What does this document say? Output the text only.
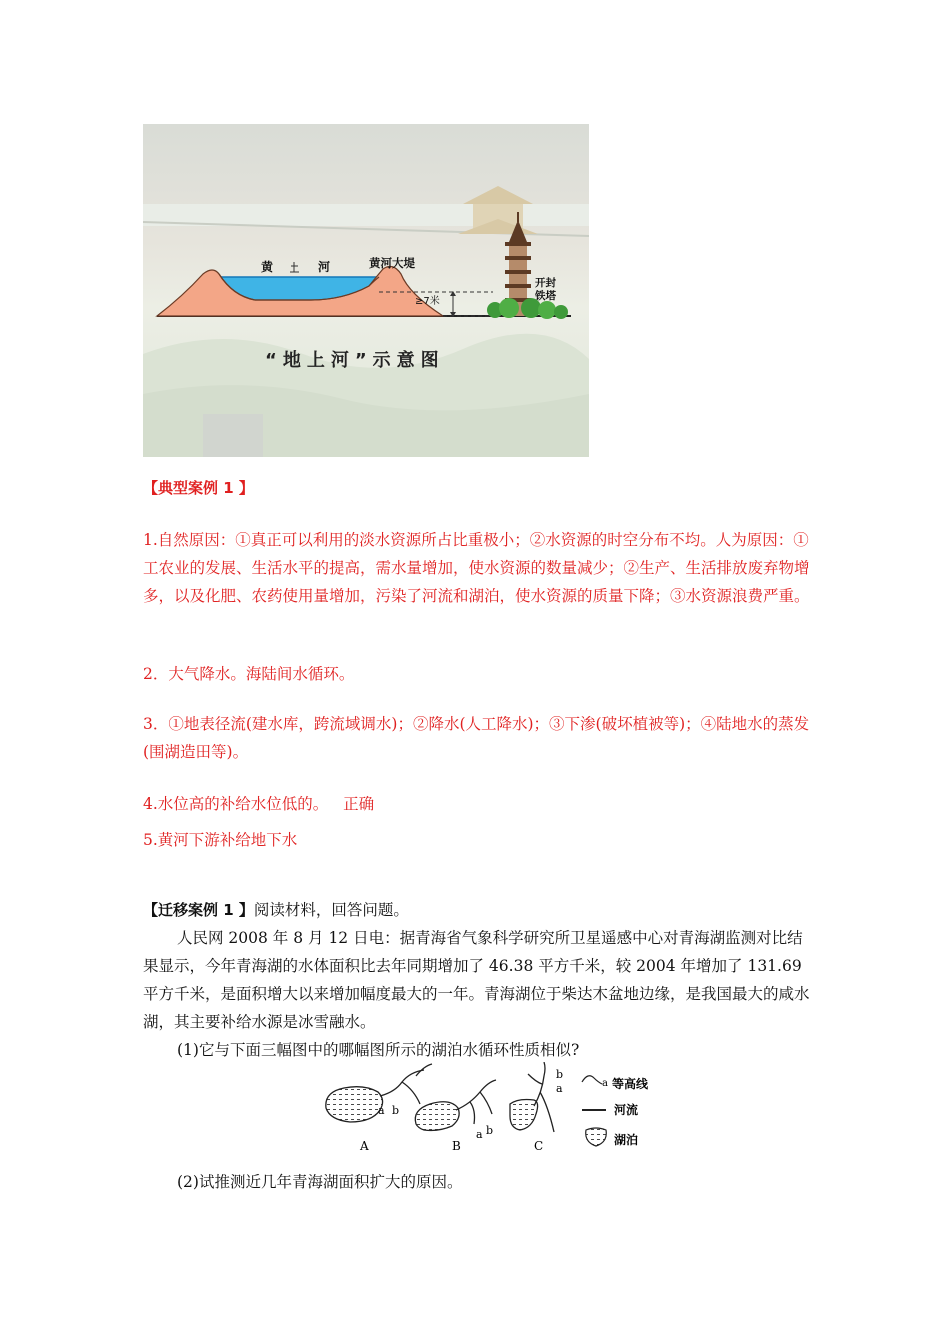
黄	河	黄河大堤
开封
铁塔
≥7米
“地上河”示意图
【典型案例 1 】
1.自然原因：①真正可以利用的淡水资源所占比重极小；②水资源的时空分布不均。人为原因：①工农业的发展、生活水平的提高，需水量增加，使水资源的数量减少；②生产、生活排放废弃物增多，以及化肥、农药使用量增加，污染了河流和湖泊，使水资源的质量下降；③水资源浪费严重。
2．大气降水。海陆间水循环。
3．①地表径流(建水库，跨流域调水)；②降水(人工降水)；③下渗(破坏植被等)；④陆地水的蒸发(围湖造田等)。
4.水位高的补给水位低的。   正确
5.黄河下游补给地下水
【迁移案例 1 】阅读材料，回答问题。
人民网 2008 年 8 月 12 日电：据青海省气象科学研究所卫星遥感中心对青海湖监测对比结果显示，今年青海湖的水体面积比去年同期增加了 46.38 平方千米，较 2004 年增加了 131.69 平方千米，是面积增大以来增加幅度最大的一年。青海湖位于柴达木盆地边缘，是我国最大的咸水湖，其主要补给水源是冰雪融水。
(1)它与下面三幅图中的哪幅图所示的湖泊水循环性质相似?
a b
A
b
a
B
b
a
C
a 等高线
河流
湖泊
(2)试推测近几年青海湖面积扩大的原因。
